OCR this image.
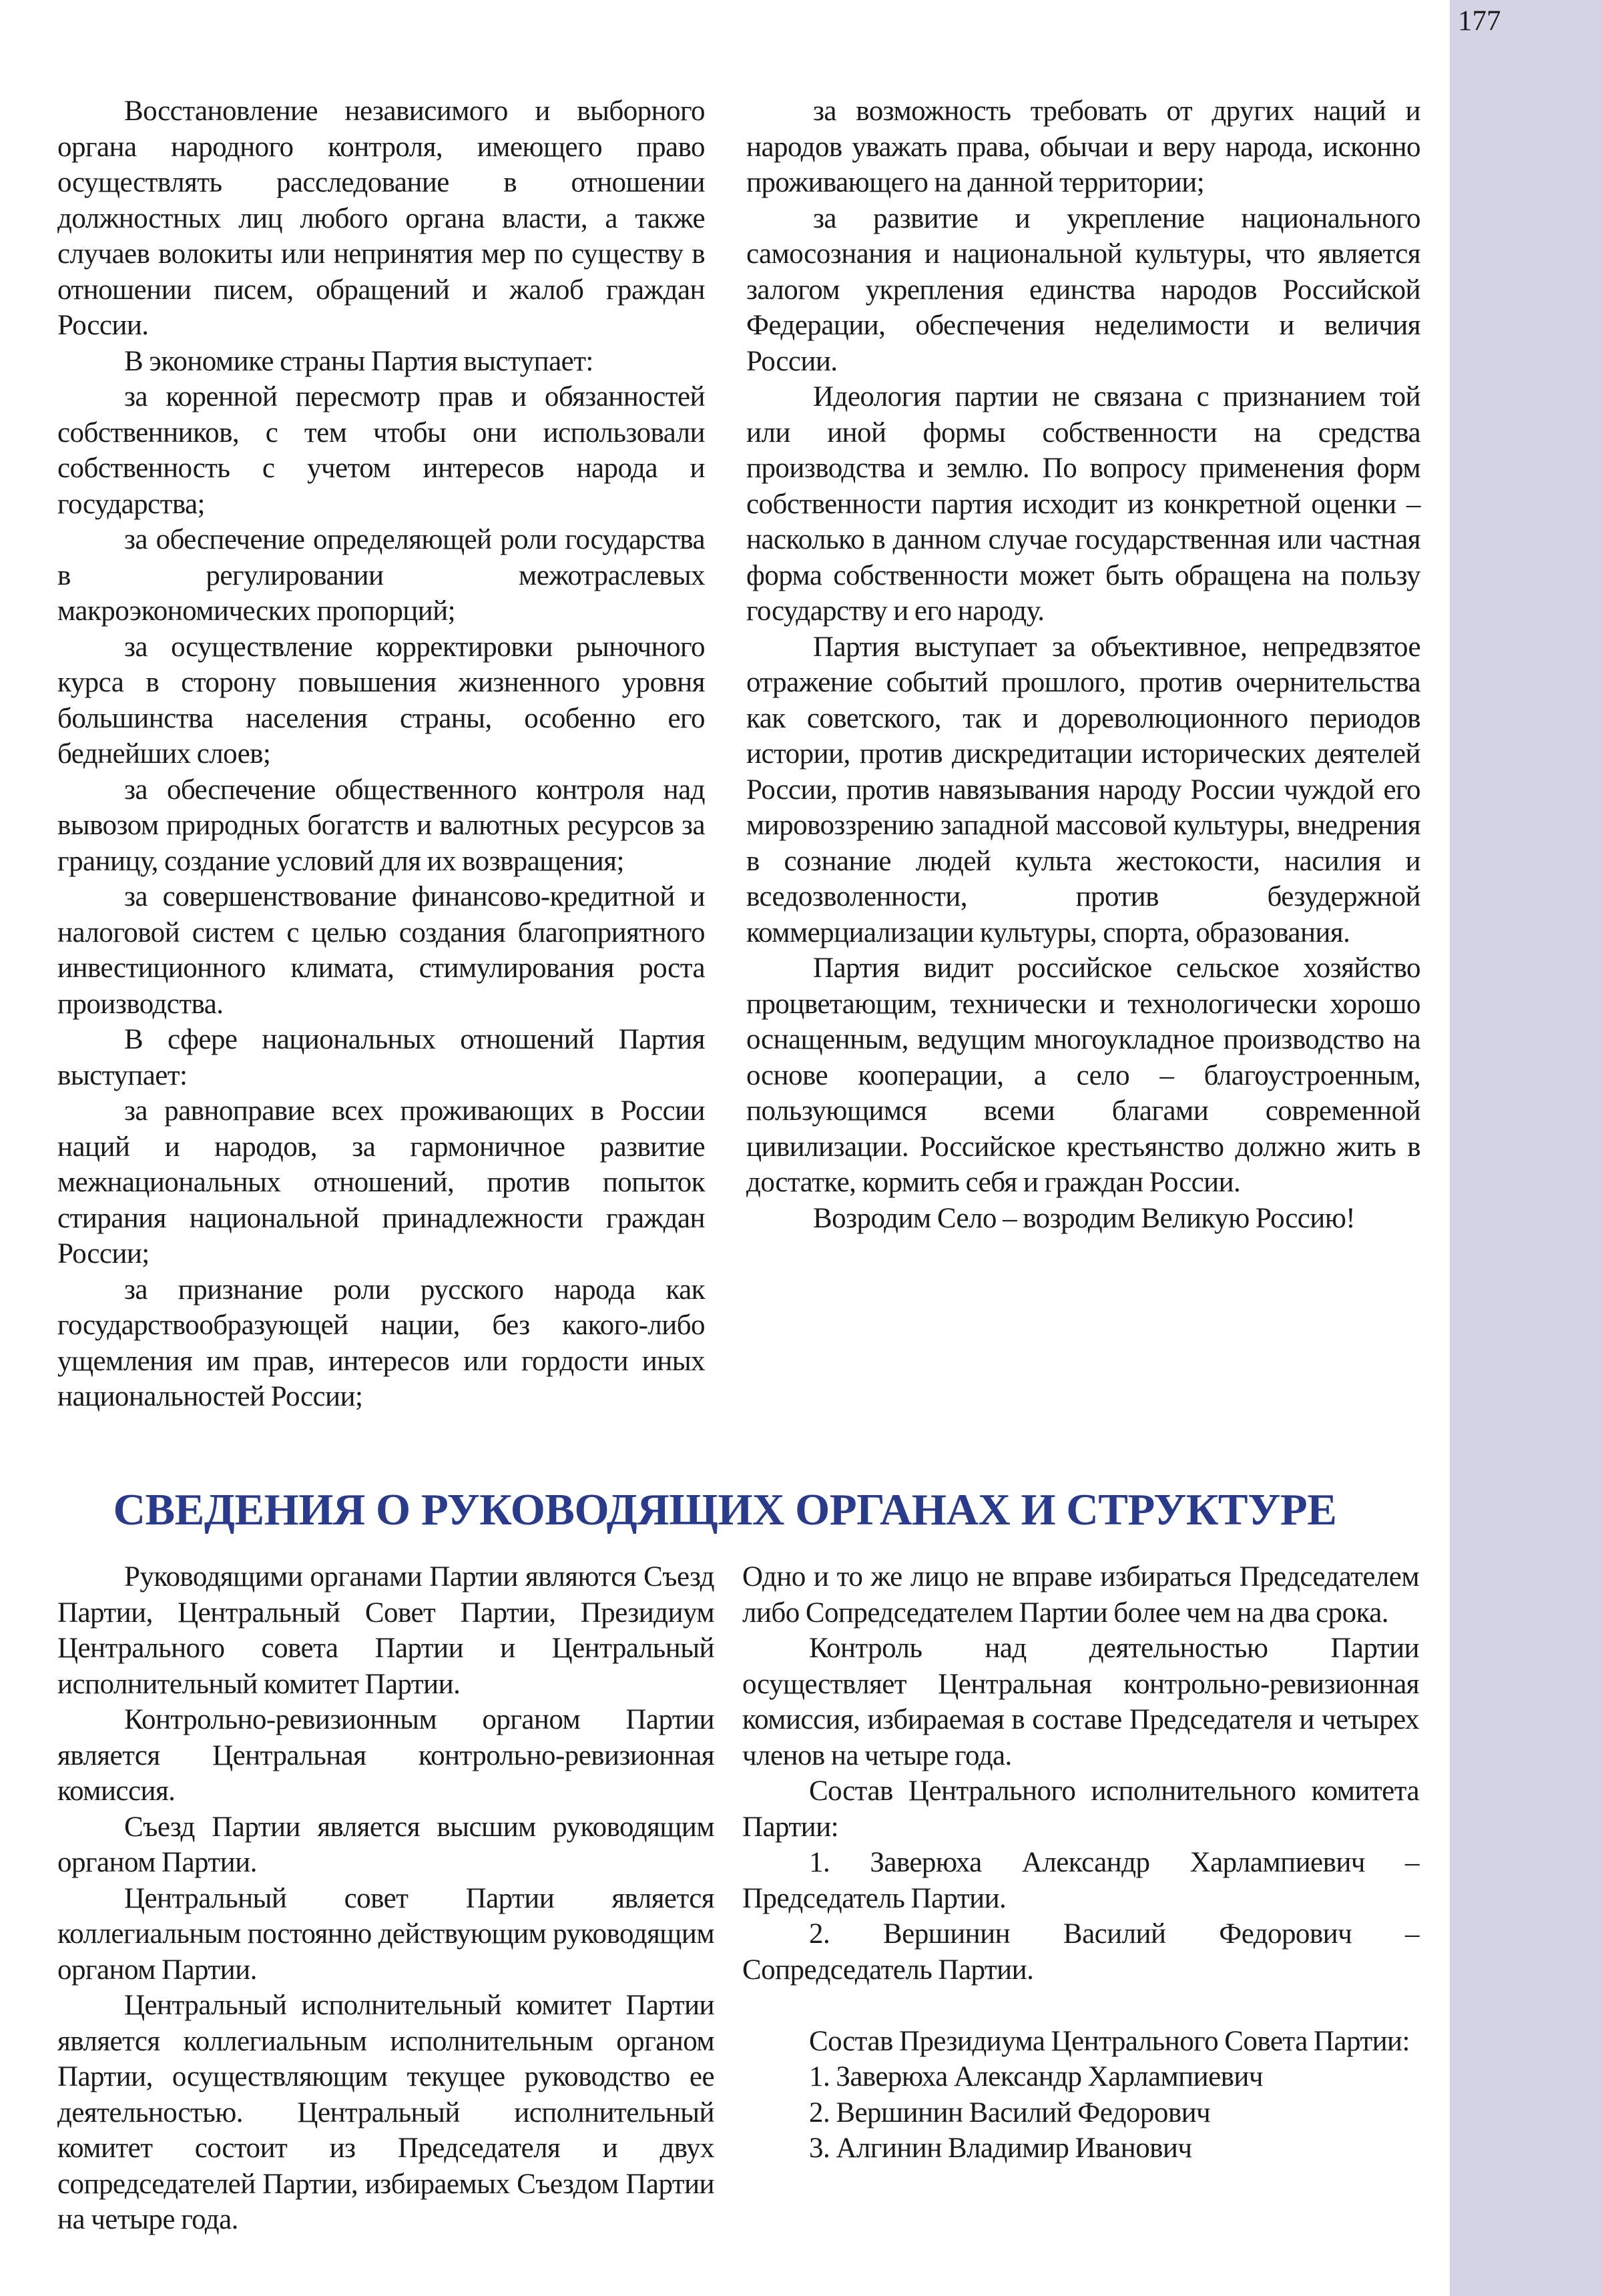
177

Восстановление независимого и выборного органа народного контроля, имеющего право осуществлять расследование в отношении должностных лиц любого органа власти, а также случаев волокиты или непринятия мер по существу в отношении писем, обращений и жалоб граждан России.

В экономике страны Партия выступает:

за коренной пересмотр прав и обязанностей собственников, с тем чтобы они использовали собственность с учетом интересов народа и государства;

за обеспечение определяющей роли государства в регулировании межотраслевых макроэкономических пропорций;

за осуществление корректировки рыночного курса в сторону повышения жизненного уровня большинства населения страны, особенно его беднейших слоев;

за обеспечение общественного контроля над вывозом природных богатств и валютных ресурсов за границу, создание условий для их возвращения;

за совершенствование финансово-кредитной и налоговой систем с целью создания благоприятного инвестиционного климата, стимулирования роста производства.

В сфере национальных отношений Партия выступает:

за равноправие всех проживающих в России наций и народов, за гармоничное развитие межнациональных отношений, против попыток стирания национальной принадлежности граждан России;

за признание роли русского народа как государствообразующей нации, без какого-либо ущемления им прав, интересов или гордости иных национальностей России;

за возможность требовать от других наций и народов уважать права, обычаи и веру народа, исконно проживающего на данной территории;

за развитие и укрепление национального самосознания и национальной культуры, что является залогом укрепления единства народов Российской Федерации, обеспечения неделимости и величия России.

Идеология партии не связана с признанием той или иной формы собственности на средства производства и землю. По вопросу применения форм собственности партия исходит из конкретной оценки – насколько в данном случае государственная или частная форма собственности может быть обращена на пользу государству и его народу.

Партия выступает за объективное, непредвзятое отражение событий прошлого, против очернительства как советского, так и дореволюционного периодов истории, против дискредитации исторических деятелей России, против навязывания народу России чуждой его мировоззрению западной массовой культуры, внедрения в сознание людей культа жестокости, насилия и вседозволенности, против безудержной коммерциализации культуры, спорта, образования.

Партия видит российское сельское хозяйство процветающим, технически и технологически хорошо оснащенным, ведущим многоукладное производство на основе кооперации, а село – благоустроенным, пользующимся всеми благами современной цивилизации. Российское крестьянство должно жить в достатке, кормить себя и граждан России.

Возродим Село – возродим Великую Россию!

СВЕДЕНИЯ О РУКОВОДЯЩИХ ОРГАНАХ И СТРУКТУРЕ

Руководящими органами Партии являются Съезд Партии, Центральный Совет Партии, Президиум Центрального совета Партии и Центральный исполнительный комитет Партии.

Контрольно-ревизионным органом Партии является Центральная контрольно-ревизионная комиссия.

Съезд Партии является высшим руководящим органом Партии.

Центральный совет Партии является коллегиальным постоянно действующим руководящим органом Партии.

Центральный исполнительный комитет Партии является коллегиальным исполнительным органом Партии, осуществляющим текущее руководство ее деятельностью. Центральный исполнительный комитет состоит из Председателя и двух сопредседателей Партии, избираемых Съездом Партии на четыре года.

Одно и то же лицо не вправе избираться Председателем либо Сопредседателем Партии более чем на два срока.

Контроль над деятельностью Партии осуществляет Центральная контрольно-ревизионная комиссия, избираемая в составе Председателя и четырех членов на четыре года.

Состав Центрального исполнительного комитета Партии:

1. Заверюха Александр Харлампиевич – Председатель Партии.

2. Вершинин Василий Федорович – Сопредседатель Партии.

Состав Президиума Центрального Совета Партии:

1. Заверюха Александр Харлампиевич

2. Вершинин Василий Федорович

3. Алгинин Владимир Иванович
